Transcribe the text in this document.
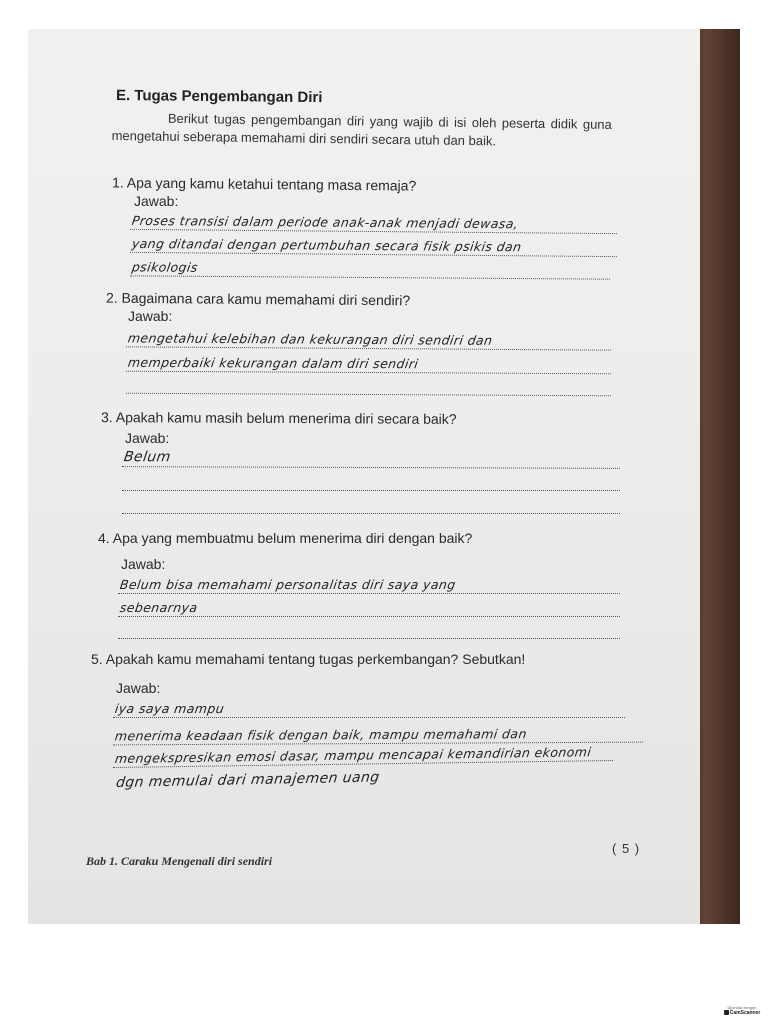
E. Tugas Pengembangan Diri
Berikut tugas pengembangan diri yang wajib di isi oleh peserta didik guna mengetahui seberapa memahami diri sendiri secara utuh dan baik.
1. Apa yang kamu ketahui tentang masa remaja?
Jawab:
Proses transisi dalam periode anak-anak menjadi dewasa,
yang ditandai dengan pertumbuhan secara fisik psikis dan
psikologis
2. Bagaimana cara kamu memahami diri sendiri?
Jawab:
mengetahui kelebihan dan kekurangan diri sendiri dan
memperbaiki kekurangan dalam diri sendiri
3. Apakah kamu masih belum menerima diri secara baik?
Jawab:
Belum
4. Apa yang membuatmu belum menerima diri dengan baik?
Jawab:
Belum bisa memahami personalitas diri saya yang
sebenarnya
5. Apakah kamu memahami tentang tugas perkembangan? Sebutkan!
Jawab:
iya saya mampu
menerima keadaan fisik dengan baik, mampu memahami dan
mengekspresikan emosi dasar, mampu mencapai kemandirian ekonomi
dgn memulai dari manajemen uang
( 5 )
Bab 1. Caraku Mengenali diri sendiri
Dipindai dengan
CamScanner
